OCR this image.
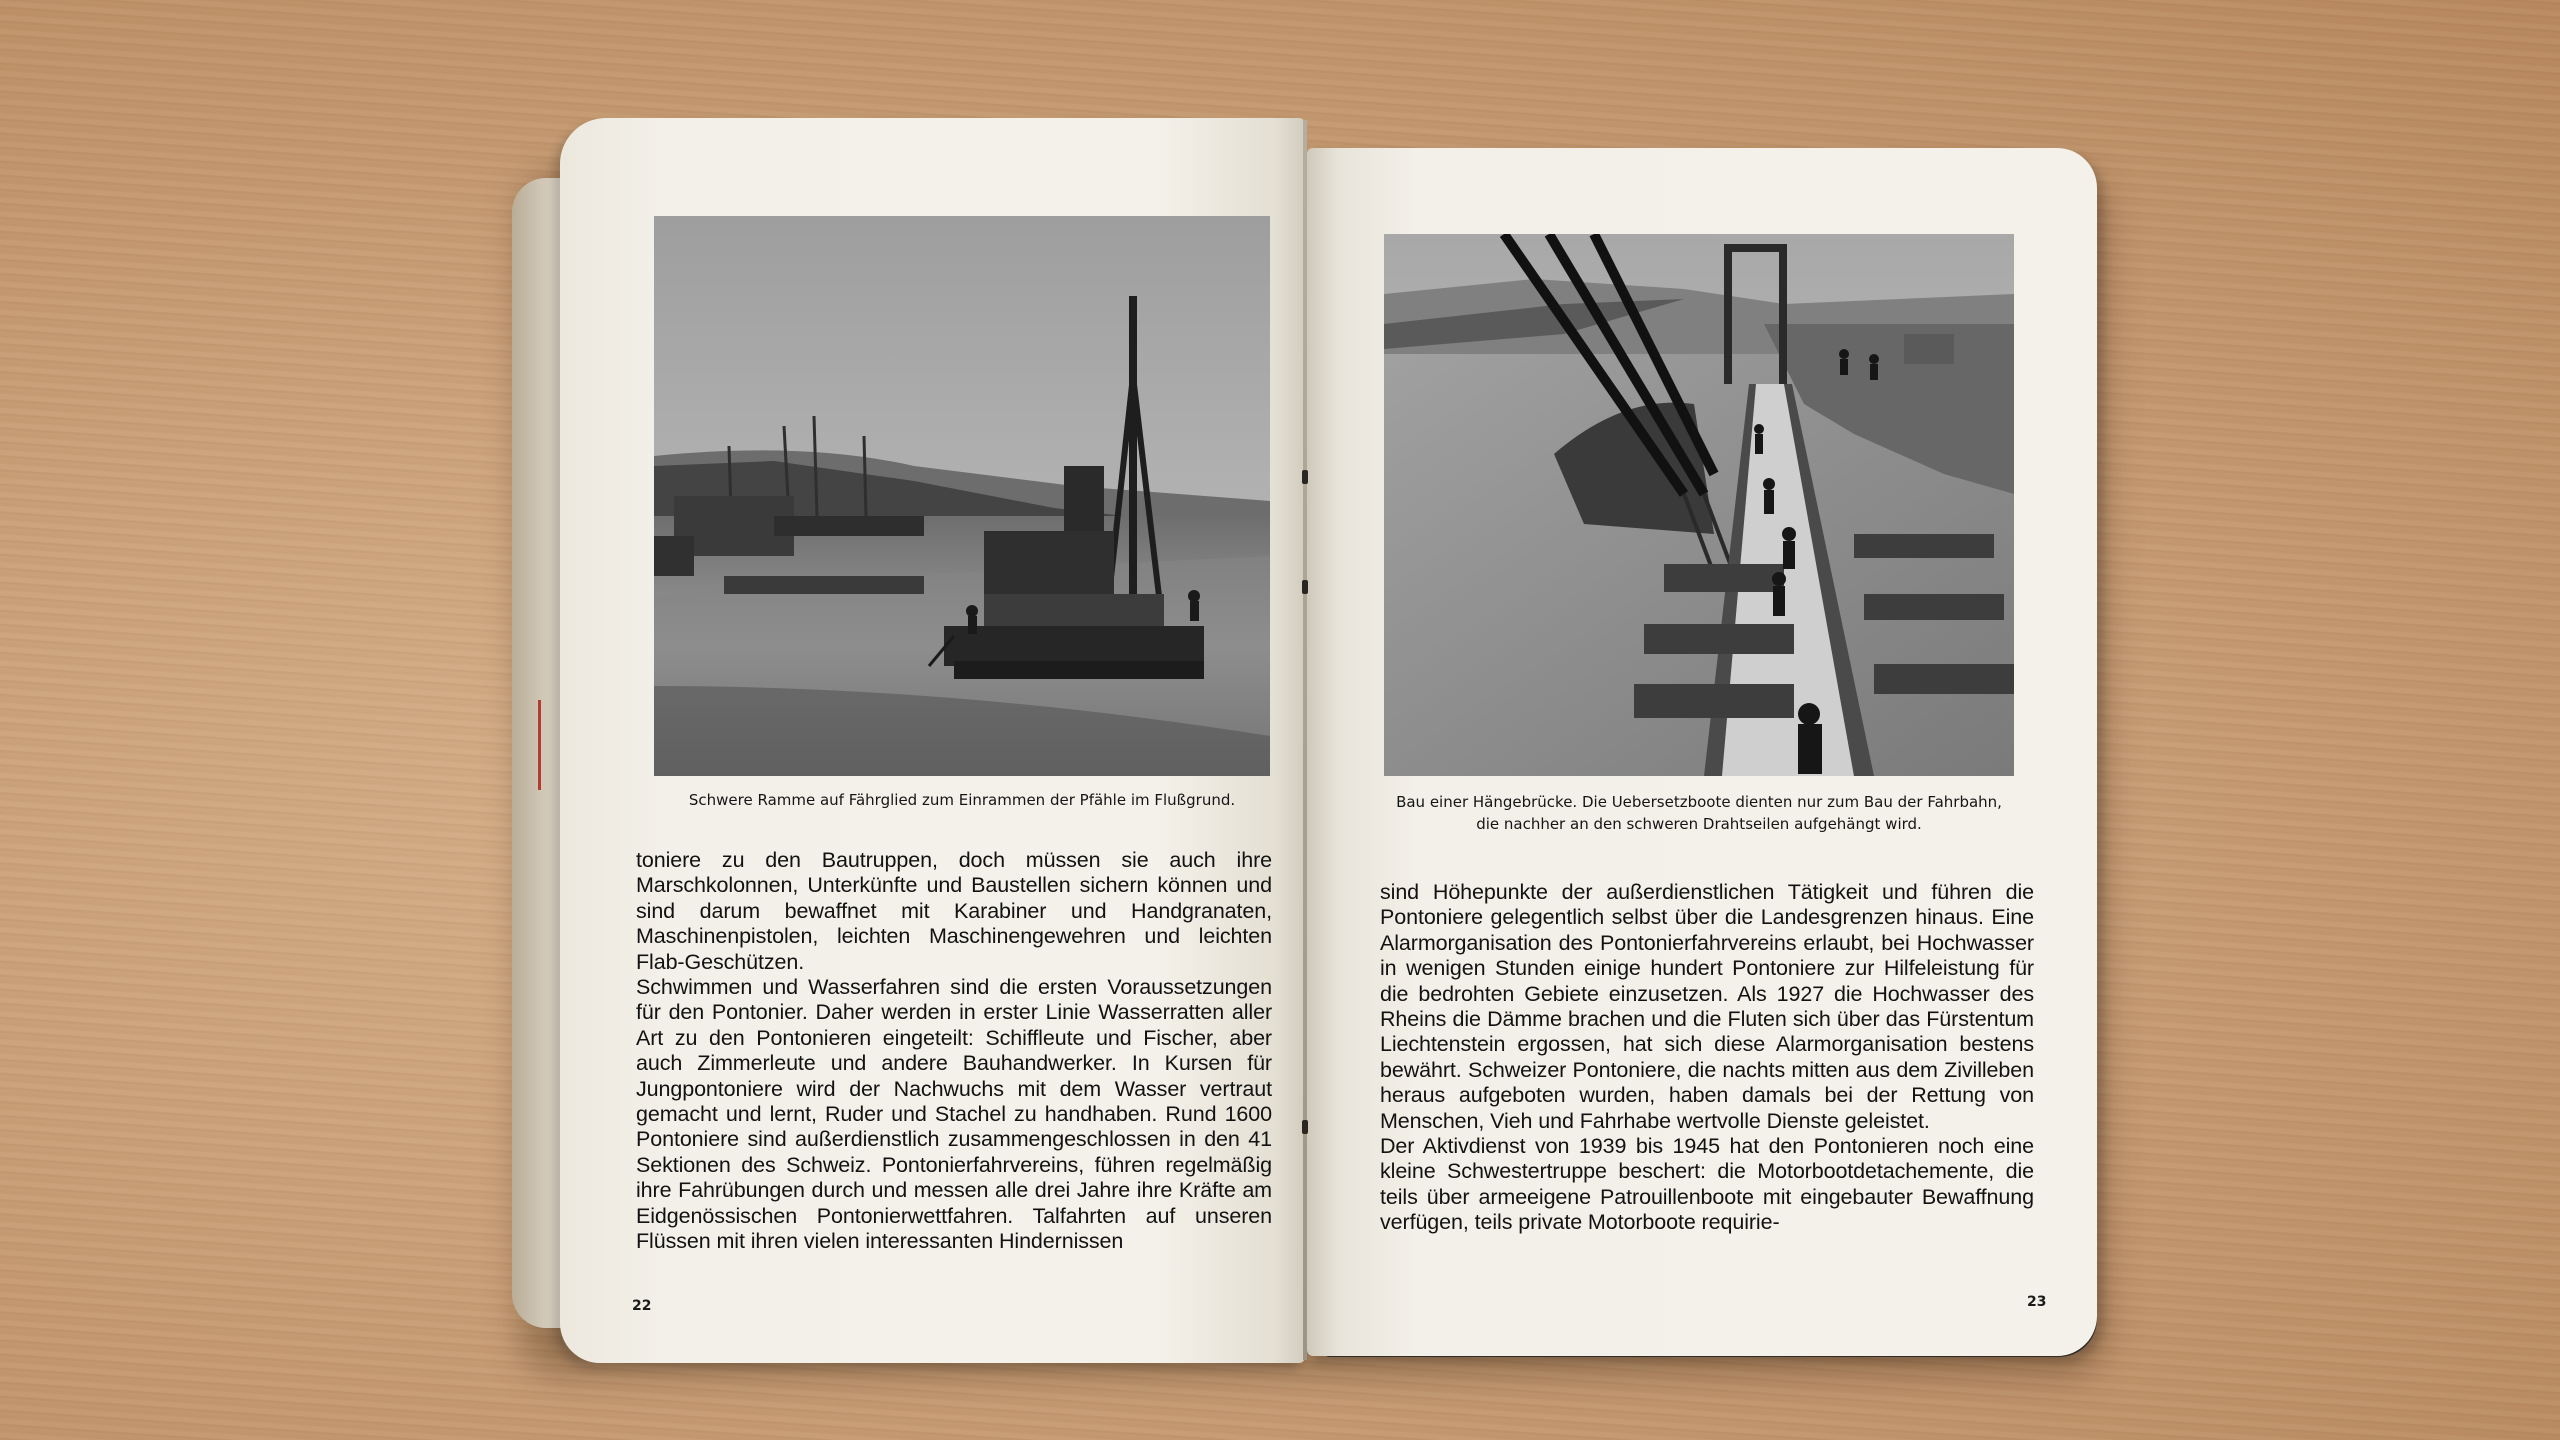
Schwere Ramme auf Fährglied zum Einrammen der Pfähle im Flußgrund.

toniere zu den Bautruppen, doch müssen sie auch ihre Marschkolonnen, Unterkünfte und Baustellen sichern können und sind darum bewaffnet mit Karabiner und Handgranaten, Maschinenpistolen, leichten Maschinengewehren und leichten Flab-Geschützen.

Schwimmen und Wasserfahren sind die ersten Voraussetzungen für den Pontonier. Daher werden in erster Linie Wasserratten aller Art zu den Pontonieren eingeteilt: Schiffleute und Fischer, aber auch Zimmerleute und andere Bauhandwerker. In Kursen für Jungpontoniere wird der Nachwuchs mit dem Wasser vertraut gemacht und lernt, Ruder und Stachel zu handhaben. Rund 1600 Pontoniere sind außerdienstlich zusammengeschlossen in den 41 Sektionen des Schweiz. Pontonierfahrvereins, führen regelmäßig ihre Fahrübungen durch und messen alle drei Jahre ihre Kräfte am Eidgenössischen Pontonierwettfahren. Talfahrten auf unseren Flüssen mit ihren vielen interessanten Hindernissen

22
Bau einer Hängebrücke. Die Uebersetzboote dienten nur zum Bau der Fahrbahn, die nachher an den schweren Drahtseilen aufgehängt wird.

sind Höhepunkte der außerdienstlichen Tätigkeit und führen die Pontoniere gelegentlich selbst über die Landesgrenzen hinaus. Eine Alarmorganisation des Pontonierfahrvereins erlaubt, bei Hochwasser in wenigen Stunden einige hundert Pontoniere zur Hilfeleistung für die bedrohten Gebiete einzusetzen. Als 1927 die Hochwasser des Rheins die Dämme brachen und die Fluten sich über das Fürstentum Liechtenstein ergossen, hat sich diese Alarmorganisation bestens bewährt. Schweizer Pontoniere, die nachts mitten aus dem Zivilleben heraus aufgeboten wurden, haben damals bei der Rettung von Menschen, Vieh und Fahrhabe wertvolle Dienste geleistet.

Der Aktivdienst von 1939 bis 1945 hat den Pontonieren noch eine kleine Schwestertruppe beschert: die Motorbootdetachemente, die teils über armeeigene Patrouillenboote mit eingebauter Bewaffnung verfügen, teils private Motorboote requirie-

23
